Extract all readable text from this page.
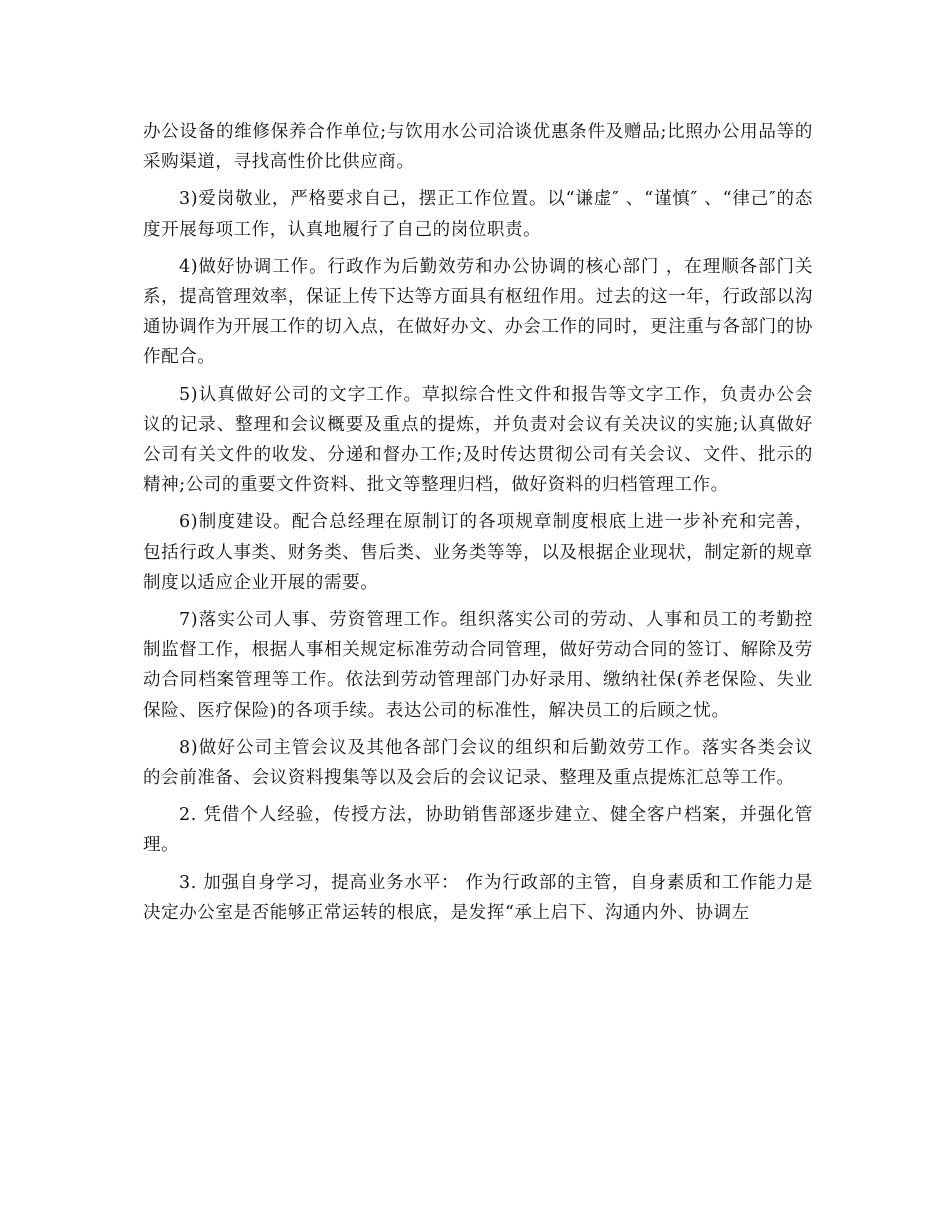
办公设备的维修保养合作单位;与饮用水公司洽谈优惠条件及赠品;比照办公用品等的采购渠道，寻找高性价比供应商。

3)爱岗敬业，严格要求自己，摆正工作位置。以“谦虚″ 、“谨慎″ 、“律己″的态度开展每项工作，认真地履行了自己的岗位职责。

4)做好协调工作。行政作为后勤效劳和办公协调的核心部门 ，在理顺各部门关系，提高管理效率，保证上传下达等方面具有枢纽作用。过去的这一年，行政部以沟通协调作为开展工作的切入点，在做好办文、办会工作的同时，更注重与各部门的协作配合。

5)认真做好公司的文字工作。草拟综合性文件和报告等文字工作，负责办公会议的记录、整理和会议概要及重点的提炼，并负责对会议有关决议的实施;认真做好公司有关文件的收发、分递和督办工作;及时传达贯彻公司有关会议、文件、批示的精神;公司的重要文件资料、批文等整理归档，做好资料的归档管理工作。

6)制度建设。配合总经理在原制订的各项规章制度根底上进一步补充和完善，包括行政人事类、财务类、售后类、业务类等等，以及根据企业现状，制定新的规章制度以适应企业开展的需要。

7)落实公司人事、劳资管理工作。组织落实公司的劳动、人事和员工的考勤控制监督工作，根据人事相关规定标准劳动合同管理，做好劳动合同的签订、解除及劳动合同档案管理等工作。依法到劳动管理部门办好录用、缴纳社保(养老保险、失业保险、医疗保险)的各项手续。表达公司的标准性，解决员工的后顾之忧。

8)做好公司主管会议及其他各部门会议的组织和后勤效劳工作。落实各类会议的会前准备、会议资料搜集等以及会后的会议记录、整理及重点提炼汇总等工作。

2. 凭借个人经验，传授方法，协助销售部逐步建立、健全客户档案，并强化管理。

3. 加强自身学习，提高业务水平： 作为行政部的主管，自身素质和工作能力是决定办公室是否能够正常运转的根底，是发挥“承上启下、沟通内外、协调左
